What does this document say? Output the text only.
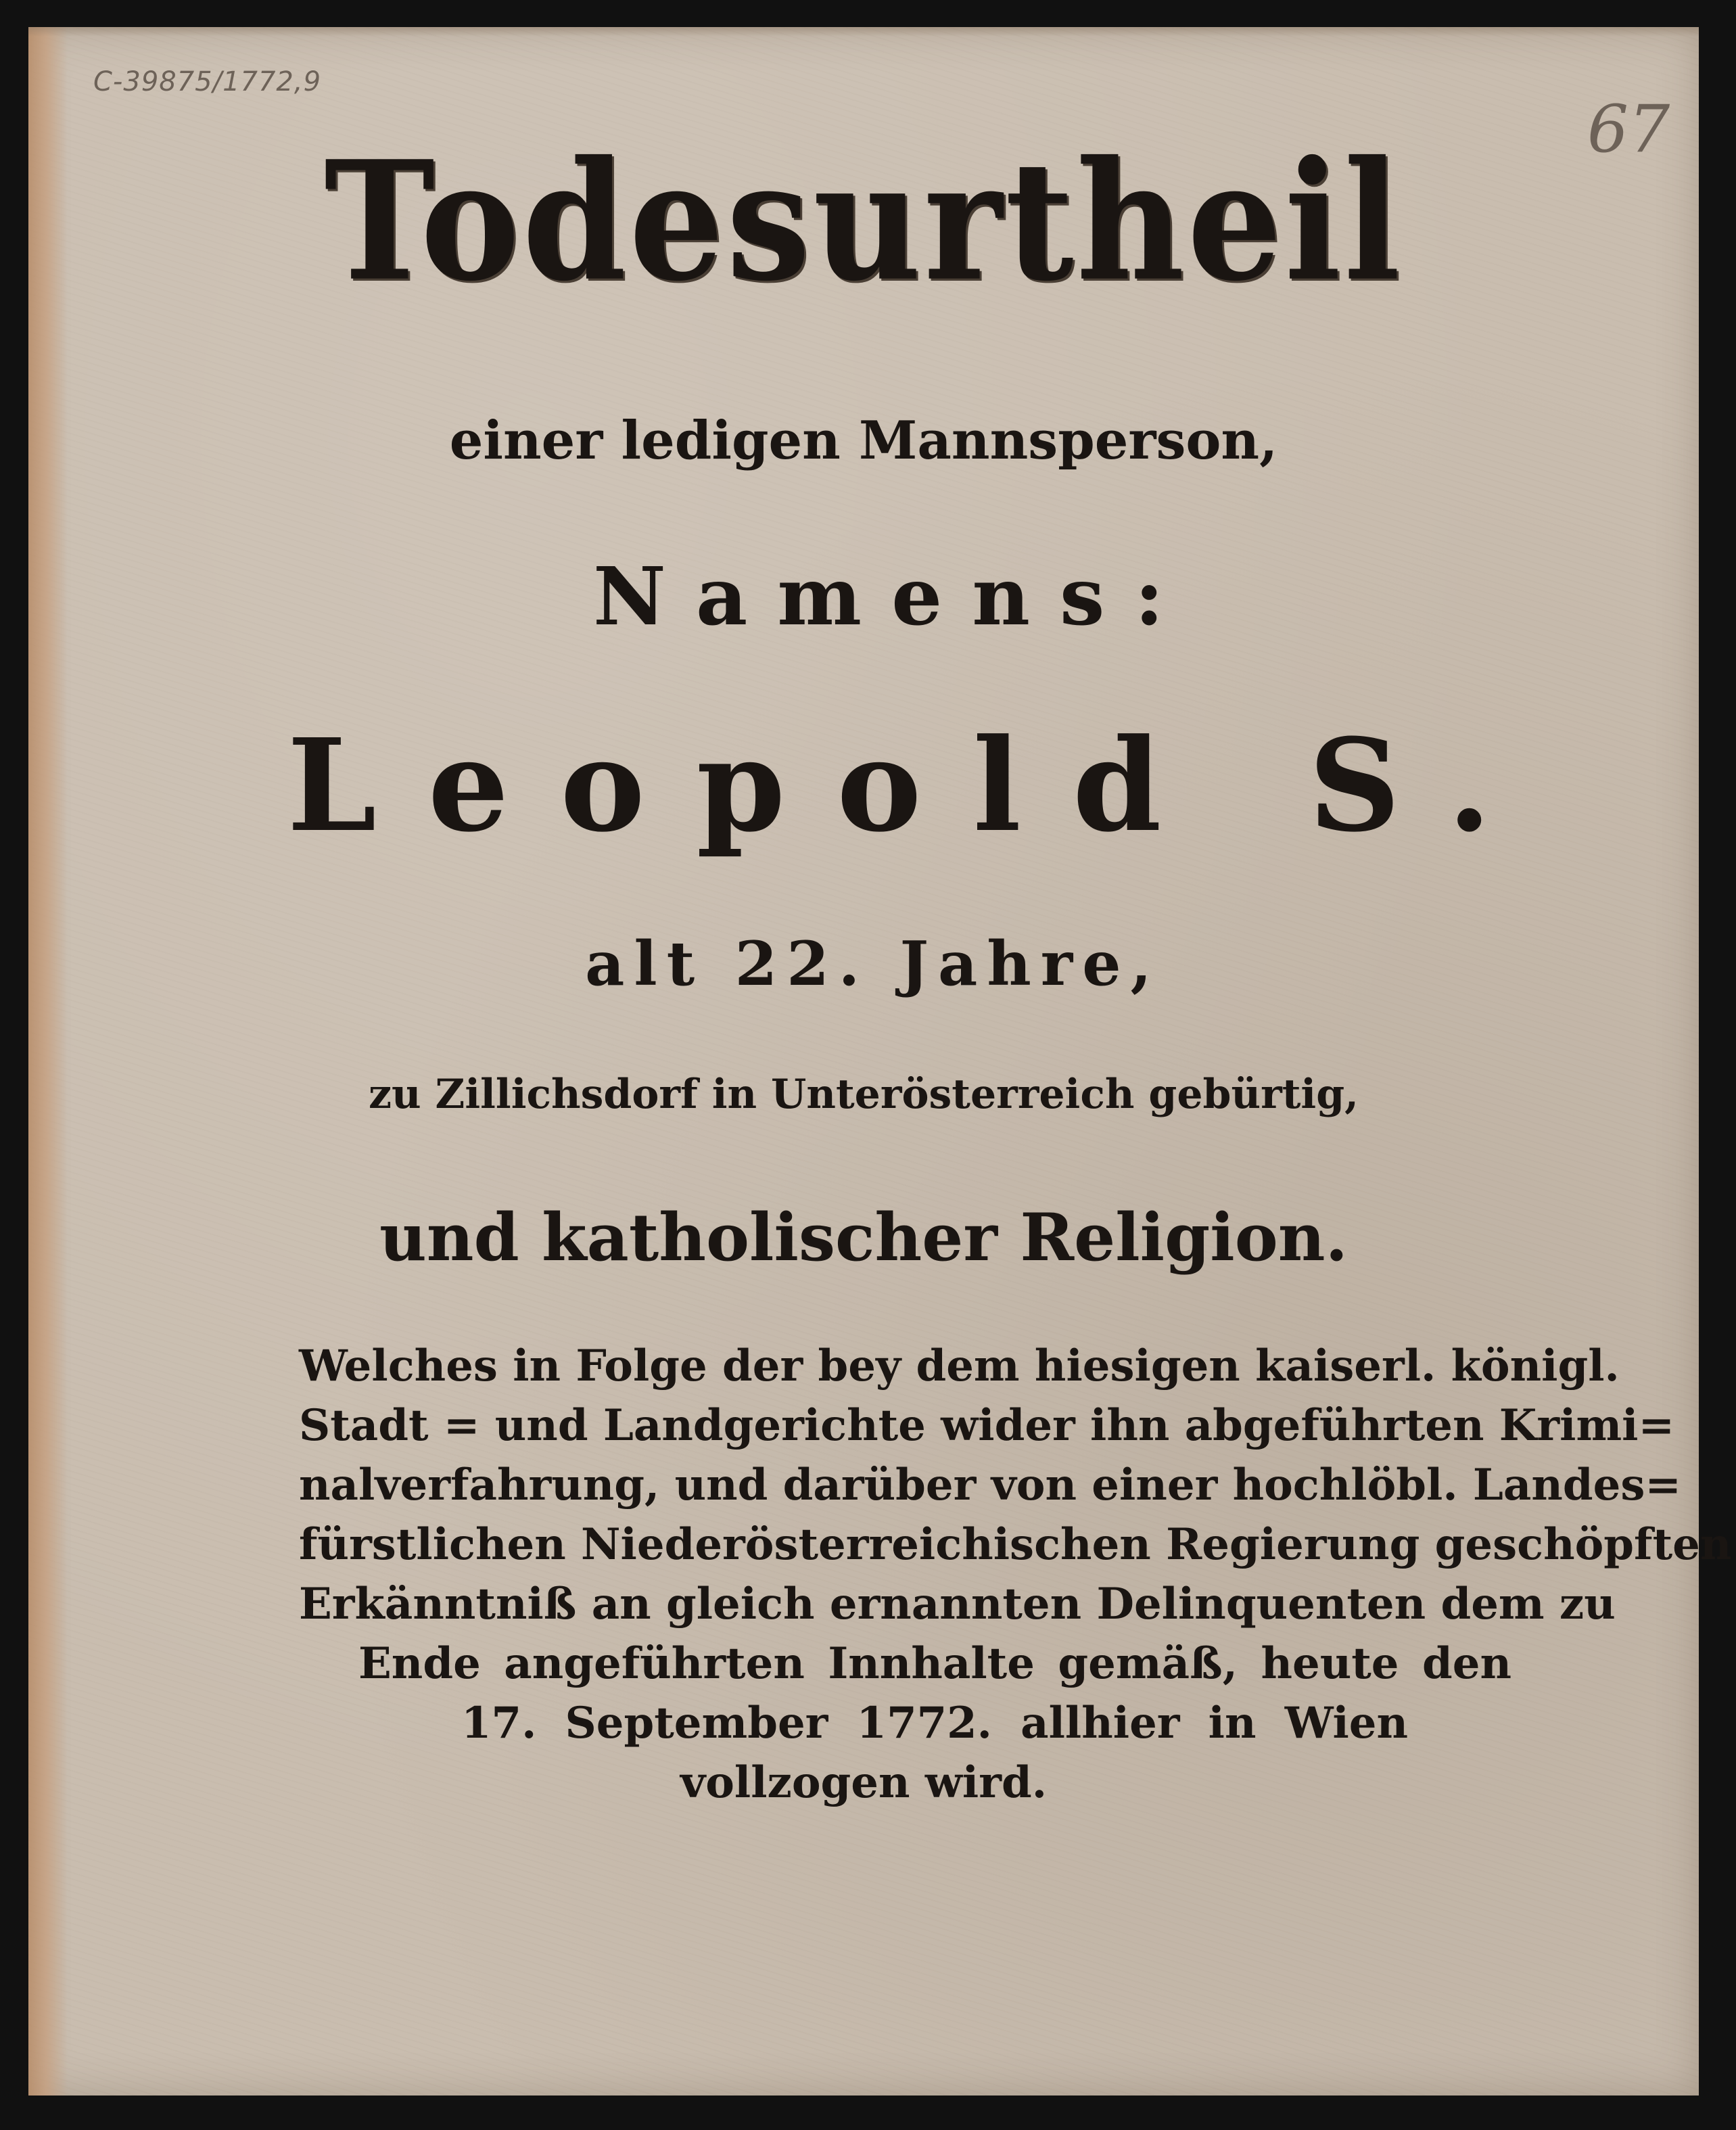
C-39875/1772,9
67
Todesurtheil
einer ledigen Mannsperson,
Namens:
Leopold S.
alt 22. Jahre,
zu Zillichsdorf in Unterösterreich gebürtig,
und katholischer Religion.
Welches in Folge der bey dem hiesigen kaiserl. königl.
Stadt = und Landgerichte wider ihn abgeführten Krimi=
nalverfahrung, und darüber von einer hochlöbl. Landes=
fürstlichen Niederösterreichischen Regierung geschöpften
Erkänntniß an gleich ernannten Delinquenten dem zu
Ende angeführten Innhalte gemäß, heute den
17. September 1772. allhier in Wien
vollzogen wird.
